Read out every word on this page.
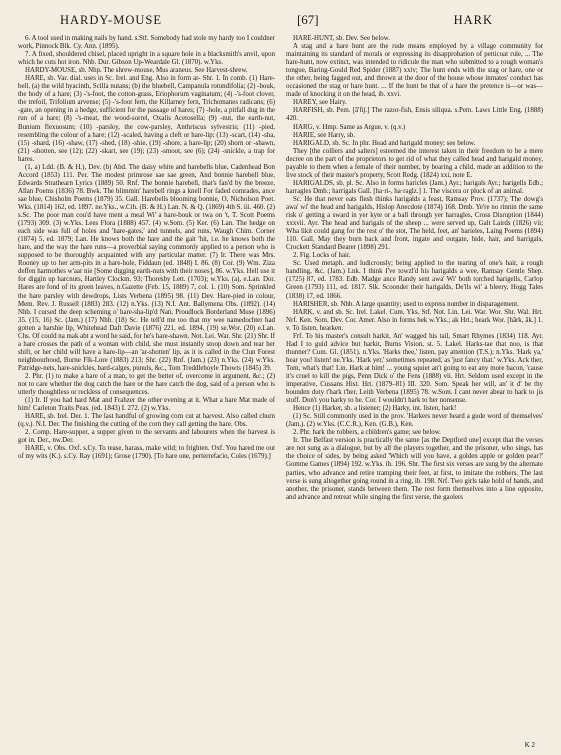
HARDY-MOUSE	[67]	HARK

6. A tool used in making nails by hand. s.Stf. Somebody had stole my hardy too I couldner work, Pinnock Blk. Cy. Ann. (1895).

7. A fixed, shouldered chisel, placed upright in a square hole in a blacksmith's anvil, upon which he cuts hot iron. Nhb. Dur. Gibson Up-Weardale Gl. (1870). w.Yks.

HARDY-MOUSE, sb. Nhp. The shrew-mouse, Mus araneus. See Harvest-shrew.

HARE, sb. Var. dial. uses in Sc. Irel. and Eng. Also in form ar- Shr. 1. In comb. (1) Hare-bell, (a) the wild hyacinth, Scilla nutans; (b) the bluebell, Campanula rotundifolia; (2) -bouk, the body of a hare; (3) -'s-foot, the cotton-grass, Eriophorum vaginatum; (4) -'s-foot clover, the trefoil, Trifolium arvense; (5) -'s-foot fern, the Killarney fern, Trichomanes radicans; (6) -gate, an opening in a hedge, sufficient for the passage of hares; (7) -hole, a pitfall dug in the run of a hare; (8) -'s-meat, the wood-sorrel, Oxalis Acetosella; (9) -nut, the earth-nut, Bunium flexuosum; (10) -parsley, the cow-parsley, Anthriscus sylvestris; (11) -pied, resembling the colour of a hare; (12) -scaled, having a cleft or hare-lip; (13) -scart, (14) -sha, (15) -shard, (16) -shaw, (17) -shed, (18) -shie, (19) -shore, a hare-lip; (20) shorn or -shawn, (21) -shotten, see (12); (22) -skart, see (19); (23) -smoot, see (6); (24) -snickle, a trap for hares.

(1, a) Ldd. (B. & H.), Dev. (b) Abd. The daisy white and harebells blue, Cadenhead Bon Accord (1853) 111. Per. The modest primrose sae sae green, And bonnie harebell blue, Edwards Strathearn Lyrics (1889) 50. Rnf. The bonnie harebell, that's fan'd by the breeze, Allan Poems (1836) 78. Bwk. The blimmin' harebell rings a knell For faded comrades, ance sae blue, Chisholm Poems (1879) 35. Gall. Harebells blooming bonnie, O, Nicholson Poet. Wks. (1814) 162, ed. 1897. ne.Yks., w.Cth. (B. & H.) Lan. N. & Q. (1869) 4th S. iii. 460. (2) s.Sc. The poor man cou'd have ment a meal Wi' a hare-bouk or twa on 't, T. Scott Poems (1793) 309. (3) w.Yks. Lees Flora (1888) 457. (4) w.Som. (5) Ker. (6) Lan. The hedge on each side was full of holes and 'hare-gates,' and tunnels, and runs, Waugh Chim. Corner (1874) 5, ed. 1879; Lan. He knows both the hare and the gait 'hit, i.e. he knows both the hare, and the way the hare runs—a proverbial saying commonly applied to a person who is supposed to be thoroughly acquainted with any particular matter. (7) Ir. There was Mrs. Rooney up to her arm-pits in a hare-hole, Fiddaun (ed. 1848) I. 86. (8) Cor. (9) Wm. Ziza deffen harmothes w'aar nie [Some digging earth-nuts with their noses], 86. w.Yks. Hell use it for diggin up harcnuts, Hartley Clockm. 93; Thoresby Lett. (1703); w.Yks. (a), e.Lan. Dor. Hares are fond of its green leaves, n.Gazette (Feb. 15, 1889) 7, col. 1. (10) Som. Sprinkled the hare parsley with dewdrops, Lists Verbena (1895) 98. (11) Dev. Hare-pied in colour, Mem. Rev. J. Russell (1883) 283. (12) n.Yks. (13) N.I. Ant. Ballymena Obs. (1892). (14) Nhb. I cursed the deep scheming o' hare-sha-lip'd Nan, Proudlock Borderland Muse (1896) 35. (15, 16) Sc. (Jam.) (17) Nhb. (18) Sc. He tell'd me too that my wee namedochter had gotten a harshie lip, Whitehead Daft Davie (1876) 221, ed. 1894. (19) se.Wor. (20) e.Lan. Chs. Of could na mak abt a word he said, for he's hare-shawn. Not. Lei. War. Shr. (21) Shr. If a hare crosses the path of a woman with child, she must instantly stoop down and tear her shift, or her child will have a hare-lip—an 'ar-shotten' lip, as it is called in the Clun Forest neighbourhood, Burne Flk-Lore (1883) 213; Shr. (22) Rnf. (Jam.) (23) n.Yks. (24) w.Yks. Patridge-nets, hare-snickles, bard-calges, punuls, &c., Tom Treddlehoyle Thowts (1845) 39.

2. Phr. (1) to make a hare of a man, to get the better of, overcome in argument, &c.; (2) not to care whether the dog catch the hare or the hare catch the dog, said of a person who is utterly thoughtless or reckless of consequences.

(1) Ir. If you had hard Mat and Frahzer the other evening at it. What a hare Mat made of him! Carleton Traits Peas. (ed. 1843) I. 272. (2) w.Yks.

HARE, sb. Irel. Der. 1. The last handful of growing corn cut at harvest. Also called churn (q.v.). N.I. Der. The finishing the cutting of the corn they call getting the hare. Obs.

2. Comp. Hare-supper, a supper given to the servants and labourers when the harvest is got in. Der., nw.Der.

HARE, v. Obs. Oxf. s.Cy. To tease, harass, make wild; to frighten. Oxf. You hared me out of my wits (K.). s.Cy. Ray (1691); Grose (1790). [To hare one, perterrefacio, Coles (1679).]

HARE-HUNT, sb. Dev. See below.

A stag and a hare hunt are the rude means employed by a village community for maintaining its standard of morals or expressing its disapprobation of petticoat rule, ... The hare-hunt, now extinct, was intended to ridicule the man who submitted to a rough woman's tongue, Baring-Gould Red Spider (1887) xxiv; The hunt ends with the stag or hare, one or the other, being fagged out, and thrown at the door of the house whose inmates' conduct has occasioned the stag or hare hunt. ... If the hunt be that of a hare the pretence is—or was—made of knocking it on the head, ib. xxvi.

HAREY, see Hairy.

HARFISH, sb. Pem. [ā'fi∫.] The razor-fish, Ensis siliqua. s.Pem. Laws Little Eng. (1888) 420.

HARG, v. Hmp. Same as Argue, v. (q.v.)

HARIE, see Harry, sb.

HARIGALD, sb. Sc. In phr. Head and harigald money; see below.

They [the colliers and salters] esteemed the interest taken in their freedom to be a mere decree on the part of the proprietors to get rid of what they called head and harigald money, payable to them when a female of their number, by bearing a child, made an addition to the live stock of their master's property, Scott Redg. (1824) xxi, note E.

HARIGALDS, sb. pl. Sc. Also in forms haricles (Jam.) Ayr.; harigals Ayr.; harigells Edb.; harragles Dmb.; harrigals Gall. [ha·ri-, ha·rəglz.] 1. The viscera or pluck of an animal.

Sc. He that never eats flesh thinks harigalds a feast, Ramsay Prov. (1737); The dowg's awa' wi' the head and harigalds, Hislop Anecdote (1874) 168. Dmb. Ye're no rinnin the same risk o' getting a sward in yer kyte or a ball through yer harragles, Cross Disruption (1844) xxxvii. Ayr. The head and harigals of the sheep ... were served up, Galt Lairds (1826) vii; Wha likit could gang for the rest o' the stot, The held, feet, an' harieles, Laing Poems (1894) 110. Gall. May they burn back and front, ingate and outgate, hide, hair, and harrigals, Crockett Standard Bearer (1898) 291.

2. Fig. Locks of hair.

Sc. Used metaph. and ludicrously; being applied to the tearing of one's hair, a rough handling, &c. (Jam.) Lnk. I think I've towzl'd his harigalds a wee, Ramsay Gentle Shep. (1725) 87, ed. 1783. Edb. Madge ance Randy sent awa' Wi' both torched harigells, Carlop Green (1793) 111, ed. 1817. Slk. Scoonder their harigalds, De'ils wi' a bleery, Hogg Tales (1838) 17, ed. 1866.

HARISHER, sb. Nhb. A large quantity; used to express number in disparagement.

HARK, v. and sb. Sc. Irel. Lakel. Cum. Yks. Stf. Not. Lin. Lei. War. Wor. Shr. Wal. Hrt. Nrf. Ken. Som. Dev. Cor. Amer. Also in forms hek w.Yks.; ak Hrt.; heark Wor. [hārk, āk.] 1. v. To listen, hearken.

Frf. To his master's consult harkit, An' wagged his tail, Smart Rhymes (1834) 118. Ayr. Had I to guid advice but harkit, Burns Vision, st. 5. Lakel. Harks-tae that noo, is that thunner? Cum. Gl. (1851). n.Yks. 'Harks thee,' listen, pay attention (T.S.); n.Yks. 'Hark ya,' hear you! listen! ne.Yks. 'Hark yer,' sometimes repeated, as 'just fancy that.' w.Yks. Ack ther, Tom, what's that! Lin. Hark at him! ... young squier an't going to eat any more bacon, 'cause it's cruel to kill the pigs, Penn Dick o' the Fens (1888) vii. Hrt. Seldom used except in the imperative, Cussans Hist. Hrt. (1879–81) III. 320. Som. Speak her will, an' it d' be thy bounden duty t'hark t'her, Leith Verbena (1895) 78. w.Som. I cant never abear to hark to jis stuff. Don't you harky to he. Cor. I wouldn't hark to her nonsense.

Hence (1) Harker, sb. a listener; (2) Harky, int. listen, hark!

(1) Sc. Still commonly used in the prov. 'Harkers never heard a gude word of themselves' (Jam.). (2) w.Yks. (C.C.R.), Ken. (G.B.), Ken.

2. Phr. hark the robbers, a children's game; see below.

Ir. The Belfast version is practically the same [as the Deptford one] except that the verses are not sung as a dialogue, but by all the players together, and the prisoner, who sings, has the choice of sides, by being asked 'Which will you have, a golden apple or golden pear?' Gomme Games (1894) 192. w.Yks. ib. 196. Shr. The first six verses are sung by the alternate parties, who advance and retire tramping their feet, at first, to imitate the robbers. The last verse is sung altogether going round in a ring, ib. 198. Nrf. Two girls take hold of hands, and another, the prisoner, stands between them. The rest form themselves into a line opposite, and advance and retreat while singing the first verse, the gaolers

K 2
